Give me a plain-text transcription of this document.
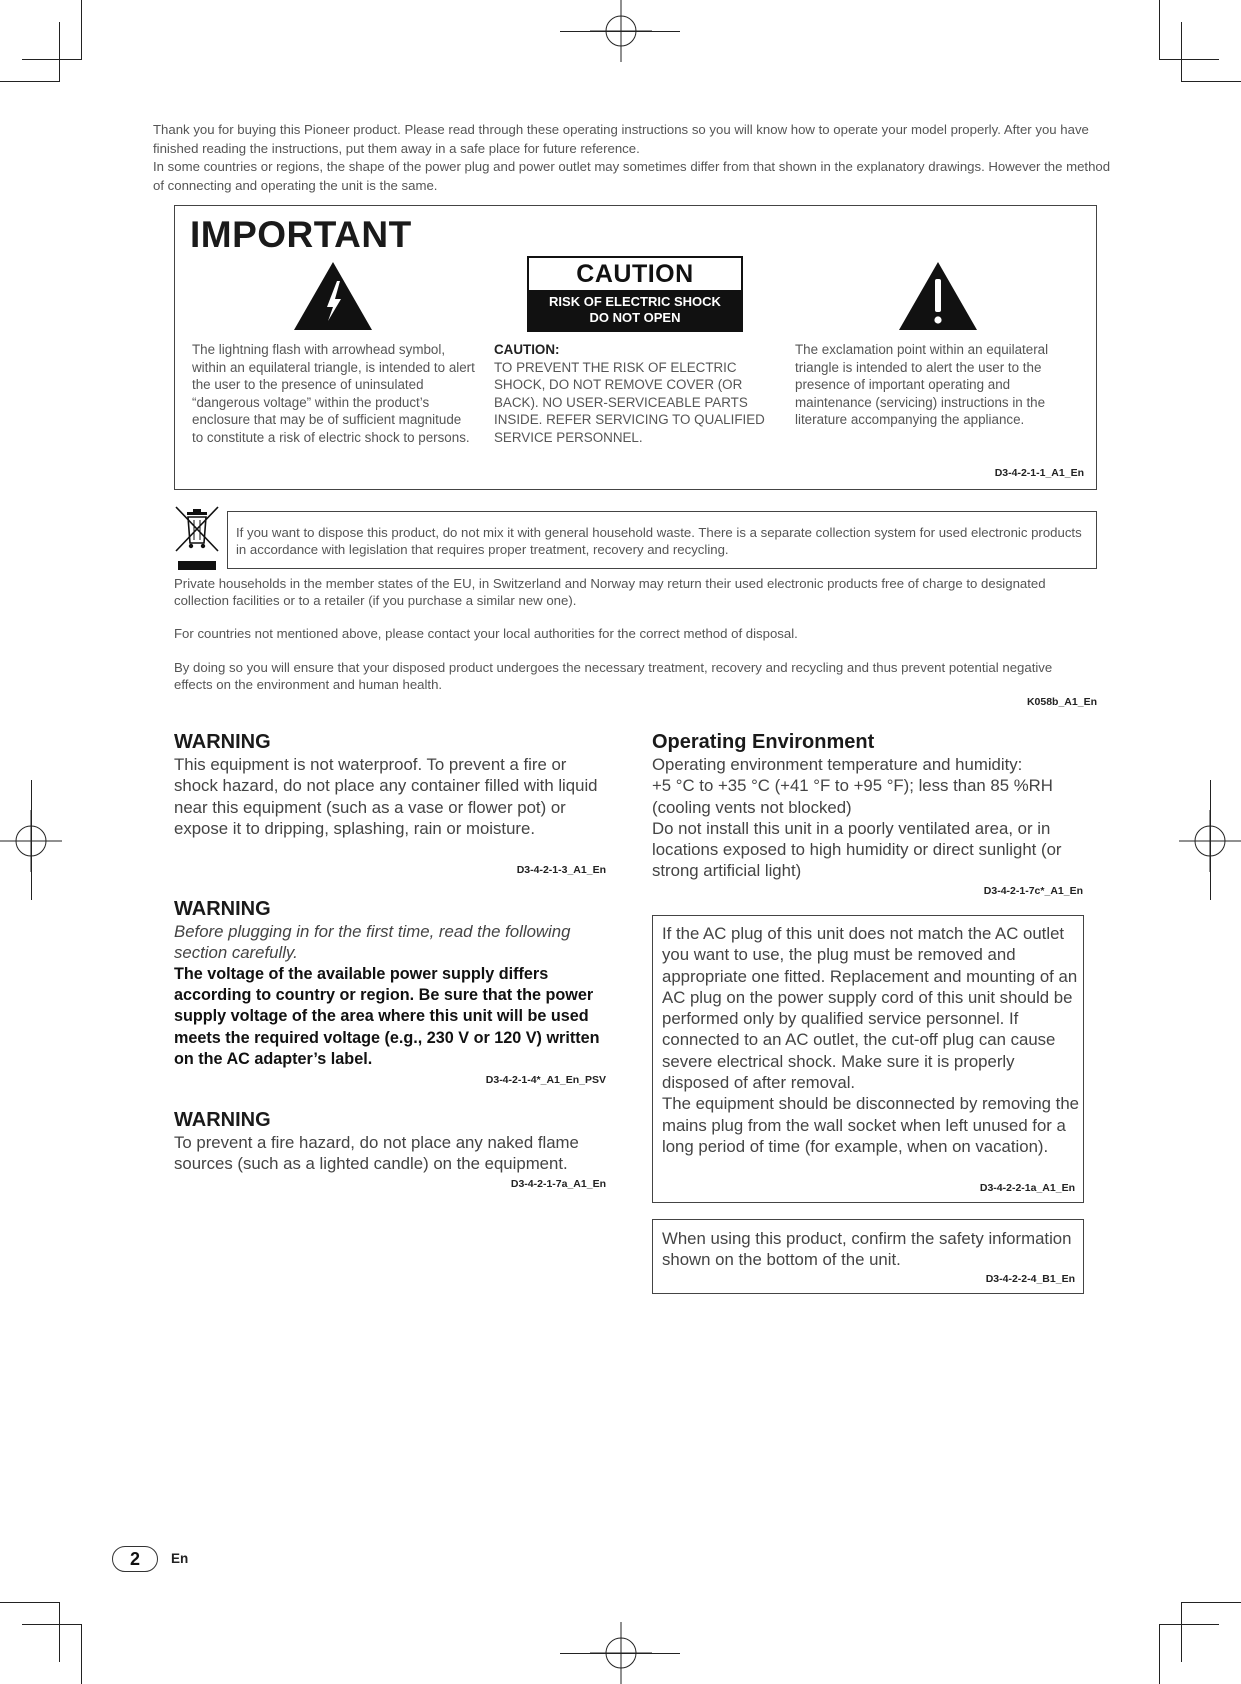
Thank you for buying this Pioneer product. Please read through these operating instructions so you will know how to operate your model properly. After you have finished reading the instructions, put them away in a safe place for future reference.

In some countries or regions, the shape of the power plug and power outlet may sometimes differ from that shown in the explanatory drawings. However the method of connecting and operating the unit is the same.

IMPORTANT
CAUTION
RISK OF ELECTRIC SHOCK
DO NOT OPEN
The lightning flash with arrowhead symbol, within an equilateral triangle, is intended to alert the user to the presence of uninsulated “dangerous voltage” within the product’s enclosure that may be of sufficient magnitude to constitute a risk of electric shock to persons.
CAUTION:
TO PREVENT THE RISK OF ELECTRIC SHOCK, DO NOT REMOVE COVER (OR BACK). NO USER-SERVICEABLE PARTS INSIDE. REFER SERVICING TO QUALIFIED SERVICE PERSONNEL.
The exclamation point within an equilateral triangle is intended to alert the user to the presence of important operating and maintenance (servicing) instructions in the literature accompanying the appliance.
D3-4-2-1-1_A1_En
If you want to dispose this product, do not mix it with general household waste. There is a separate collection system for used electronic products in accordance with legislation that requires proper treatment, recovery and recycling.
Private households in the member states of the EU, in Switzerland and Norway may return their used electronic products free of charge to designated collection facilities or to a retailer (if you purchase a similar new one).
For countries not mentioned above, please contact your local authorities for the correct method of disposal.
By doing so you will ensure that your disposed product undergoes the necessary treatment, recovery and recycling and thus prevent potential negative effects on the environment and human health.
K058b_A1_En
WARNING
This equipment is not waterproof. To prevent a fire or shock hazard, do not place any container filled with liquid near this equipment (such as a vase or flower pot) or expose it to dripping, splashing, rain or moisture.
D3-4-2-1-3_A1_En
WARNING
Before plugging in for the first time, read the following section carefully.
The voltage of the available power supply differs according to country or region. Be sure that the power supply voltage of the area where this unit will be used meets the required voltage (e.g., 230 V or 120 V) written on the AC adapter’s label.
D3-4-2-1-4*_A1_En_PSV
WARNING
To prevent a fire hazard, do not place any naked flame sources (such as a lighted candle) on the equipment.
D3-4-2-1-7a_A1_En
Operating Environment
Operating environment temperature and humidity:
+5 °C to +35 °C (+41 °F to +95 °F); less than 85 %RH (cooling vents not blocked)
Do not install this unit in a poorly ventilated area, or in locations exposed to high humidity or direct sunlight (or strong artificial light)
D3-4-2-1-7c*_A1_En
If the AC plug of this unit does not match the AC outlet you want to use, the plug must be removed and appropriate one fitted. Replacement and mounting of an AC plug on the power supply cord of this unit should be performed only by qualified service personnel. If connected to an AC outlet, the cut-off plug can cause severe electrical shock. Make sure it is properly disposed of after removal.
The equipment should be disconnected by removing the mains plug from the wall socket when left unused for a long period of time (for example, when on vacation).
D3-4-2-2-1a_A1_En
When using this product, confirm the safety information shown on the bottom of the unit.
D3-4-2-2-4_B1_En
2	En
